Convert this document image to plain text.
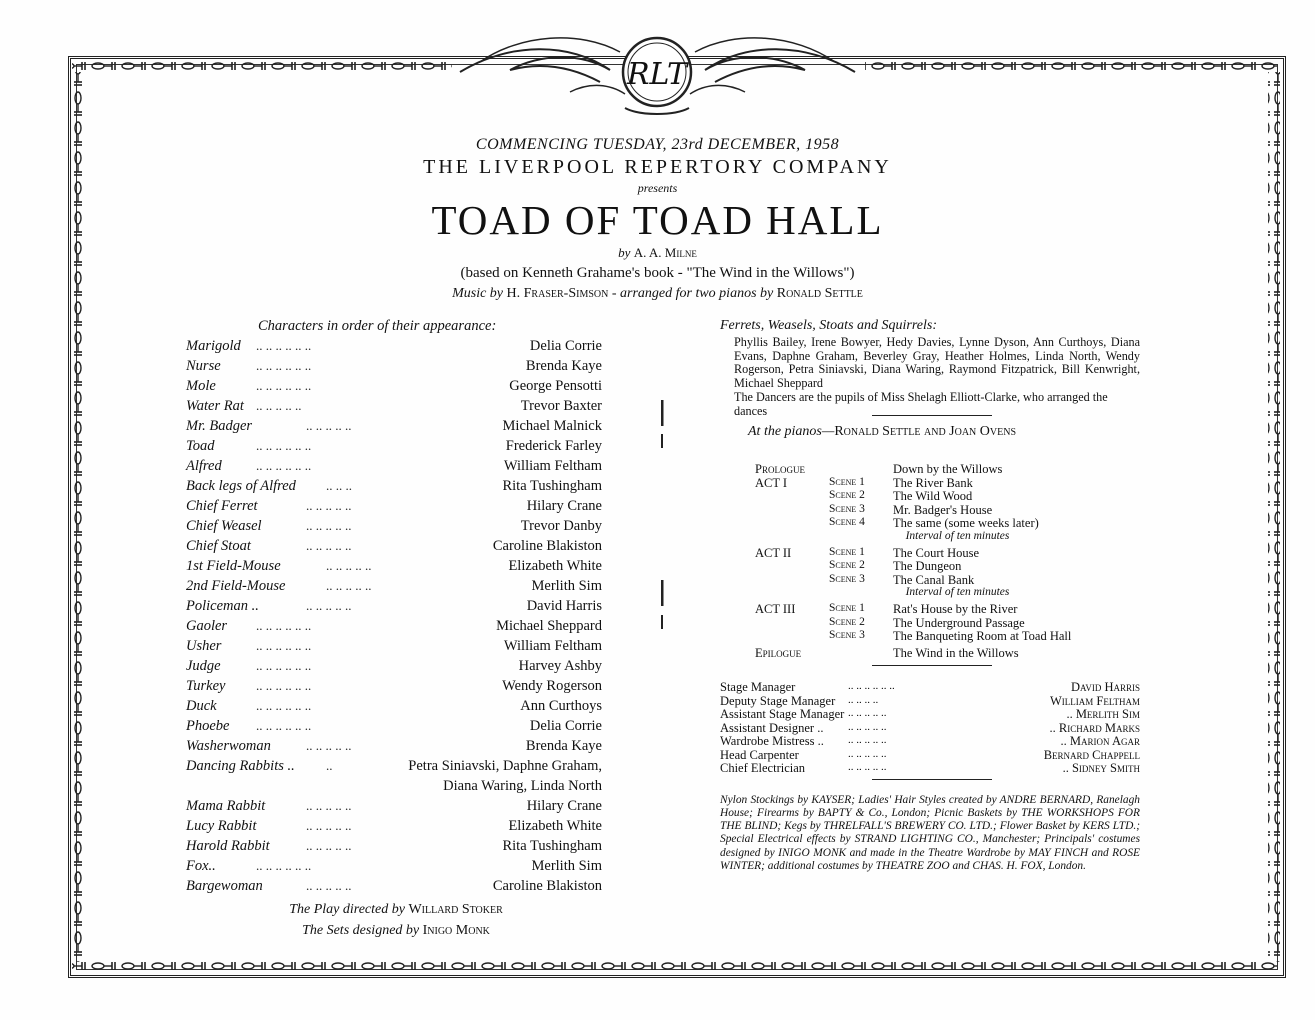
RLT
COMMENCING TUESDAY, 23rd DECEMBER, 1958
THE LIVERPOOL REPERTORY COMPANY
presents
TOAD OF TOAD HALL
by A. A. Milne
(based on Kenneth Grahame's book - "The Wind in the Willows")
Music by H. Fraser-Simson - arranged for two pianos by Ronald Settle
Characters in order of their appearance:
Marigold .. .. .. .. .. ..	Delia Corrie
Nurse	.. .. .. .. .. ..	Brenda Kaye
Mole	.. .. .. .. .. ..	George Pensotti
Water Rat .. .. .. .. ..	Trevor Baxter
Mr. Badger	.. .. .. .. ..	Michael Malnick
Toad	.. .. .. .. .. ..	Frederick Farley
Alfred	.. .. .. .. .. ..	William Feltham
Back legs of Alfred .. .. ..	Rita Tushingham
Chief Ferret	.. .. .. .. ..	Hilary Crane
Chief Weasel	.. .. .. .. ..	Trevor Danby
Chief Stoat	.. .. .. .. ..	Caroline Blakiston
1st Field-Mouse	.. .. .. .. ..	Elizabeth White
2nd Field-Mouse	.. .. .. .. ..	Merlith Sim
Policeman ..	.. .. .. .. ..	David Harris
Gaoler .. .. .. .. .. ..	Michael Sheppard
Usher	.. .. .. .. .. ..	William Feltham
Judge	.. .. .. .. .. ..	Harvey Ashby
Turkey .. .. .. .. .. ..	Wendy Rogerson
Duck	.. .. .. .. .. ..	Ann Curthoys
Phoebe .. .. .. .. .. ..	Delia Corrie
Washerwoman	.. .. .. .. ..	Brenda Kaye
Dancing Rabbits .. ..	Petra Siniavski, Daphne Graham,
Diana Waring, Linda North
Mama Rabbit	.. .. .. .. ..	Hilary Crane
Lucy Rabbit	.. .. .. .. ..	Elizabeth White
Harold Rabbit	.. .. .. .. ..	Rita Tushingham
Fox..	.. .. .. .. .. ..	Merlith Sim
Bargewoman	.. .. .. .. ..	Caroline Blakiston
The Play directed by Willard Stoker
The Sets designed by Inigo Monk
Ferrets, Weasels, Stoats and Squirrels:
Phyllis Bailey, Irene Bowyer, Hedy Davies, Lynne Dyson, Ann Curthoys, Diana Evans, Daphne Graham, Beverley Gray, Heather Holmes, Linda North, Wendy Rogerson, Petra Siniavski, Diana Waring, Raymond Fitzpatrick, Bill Kenwright, Michael Sheppard
The Dancers are the pupils of Miss Shelagh Elliott-Clarke, who arranged the dances
At the pianos—Ronald Settle and Joan Ovens
Prologue	Down by the Willows
ACT I	Scene 1 The River Bank
Scene 2 The Wild Wood
Scene 3 Mr. Badger's House
Scene 4 The same (some weeks later)
Interval of ten minutes
ACT II	Scene 1 The Court House
Scene 2 The Dungeon
Scene 3 The Canal Bank
Interval of ten minutes
ACT III	Scene 1 Rat's House by the River
Scene 2 The Underground Passage
Scene 3 The Banqueting Room at Toad Hall
Epilogue	The Wind in the Willows
Stage Manager	.. .. .. .. .. ..	David Harris
Deputy Stage Manager .. .. .. ..	William Feltham
Assistant Stage Manager .. .. .. .. ..	.. Merlith Sim
Assistant Designer .. .. .. .. .. ..	.. Richard Marks
Wardrobe Mistress .. .. .. .. .. ..	.. Marion Agar
Head Carpenter	.. .. .. .. ..	Bernard Chappell
Chief Electrician	.. .. .. .. ..	.. Sidney Smith
Nylon Stockings by KAYSER; Ladies' Hair Styles created by ANDRE BERNARD, Ranelagh House; Firearms by BAPTY & Co., London; Picnic Baskets by THE WORKSHOPS FOR THE BLIND; Kegs by THRELFALL'S BREWERY CO. LTD.; Flower Basket by KERS LTD.; Special Electrical effects by STRAND LIGHTING CO., Manchester; Principals' costumes designed by INIGO MONK and made in the Theatre Wardrobe by MAY FINCH and ROSE WINTER; additional costumes by THEATRE ZOO and CHAS. H. FOX, London.
